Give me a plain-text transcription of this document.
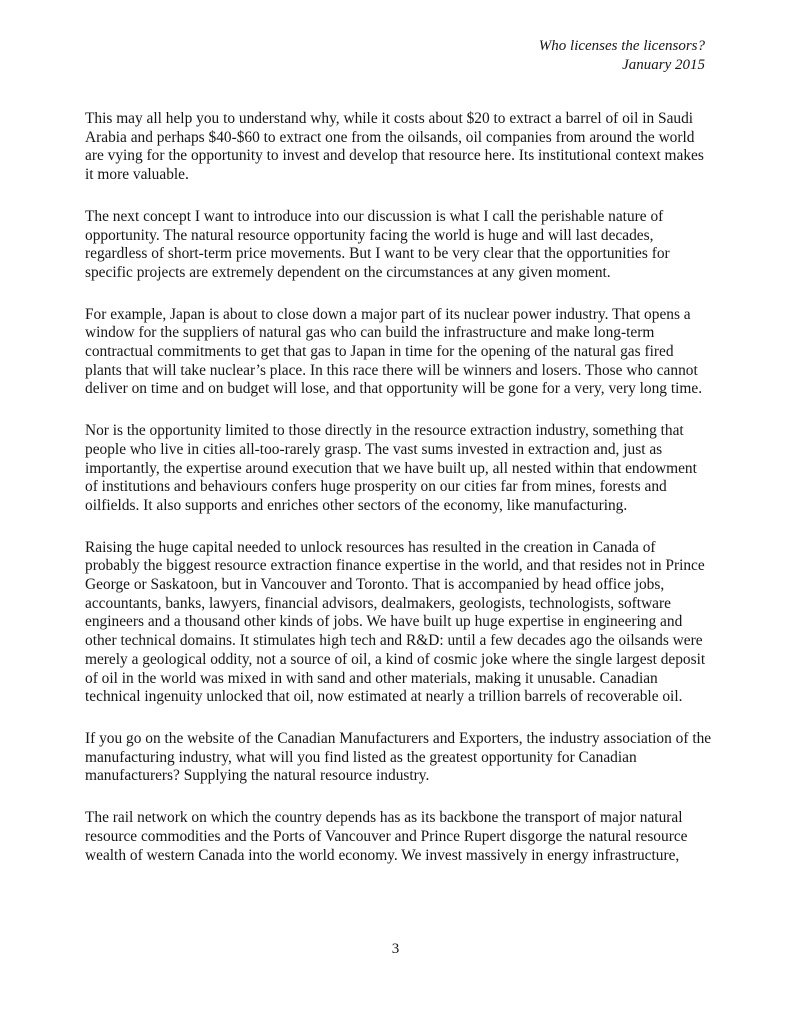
Who licenses the licensors?
January 2015

This may all help you to understand why, while it costs about $20 to extract a barrel of oil in Saudi Arabia and perhaps $40-$60 to extract one from the oilsands, oil companies from around the world are vying for the opportunity to invest and develop that resource here. Its institutional context makes it more valuable.

The next concept I want to introduce into our discussion is what I call the perishable nature of opportunity. The natural resource opportunity facing the world is huge and will last decades, regardless of short-term price movements. But I want to be very clear that the opportunities for specific projects are extremely dependent on the circumstances at any given moment.

For example, Japan is about to close down a major part of its nuclear power industry. That opens a window for the suppliers of natural gas who can build the infrastructure and make long-term contractual commitments to get that gas to Japan in time for the opening of the natural gas fired plants that will take nuclear’s place. In this race there will be winners and losers. Those who cannot deliver on time and on budget will lose, and that opportunity will be gone for a very, very long time.

Nor is the opportunity limited to those directly in the resource extraction industry, something that people who live in cities all-too-rarely grasp. The vast sums invested in extraction and, just as importantly, the expertise around execution that we have built up, all nested within that endowment of institutions and behaviours confers huge prosperity on our cities far from mines, forests and oilfields. It also supports and enriches other sectors of the economy, like manufacturing.

Raising the huge capital needed to unlock resources has resulted in the creation in Canada of probably the biggest resource extraction finance expertise in the world, and that resides not in Prince George or Saskatoon, but in Vancouver and Toronto. That is accompanied by head office jobs, accountants, banks, lawyers, financial advisors, dealmakers, geologists, technologists, software engineers and a thousand other kinds of jobs. We have built up huge expertise in engineering and other technical domains. It stimulates high tech and R&D: until a few decades ago the oilsands were merely a geological oddity, not a source of oil, a kind of cosmic joke where the single largest deposit of oil in the world was mixed in with sand and other materials, making it unusable. Canadian technical ingenuity unlocked that oil, now estimated at nearly a trillion barrels of recoverable oil.

If you go on the website of the Canadian Manufacturers and Exporters, the industry association of the manufacturing industry, what will you find listed as the greatest opportunity for Canadian manufacturers? Supplying the natural resource industry.

The rail network on which the country depends has as its backbone the transport of major natural resource commodities and the Ports of Vancouver and Prince Rupert disgorge the natural resource wealth of western Canada into the world economy. We invest massively in energy infrastructure,

3
